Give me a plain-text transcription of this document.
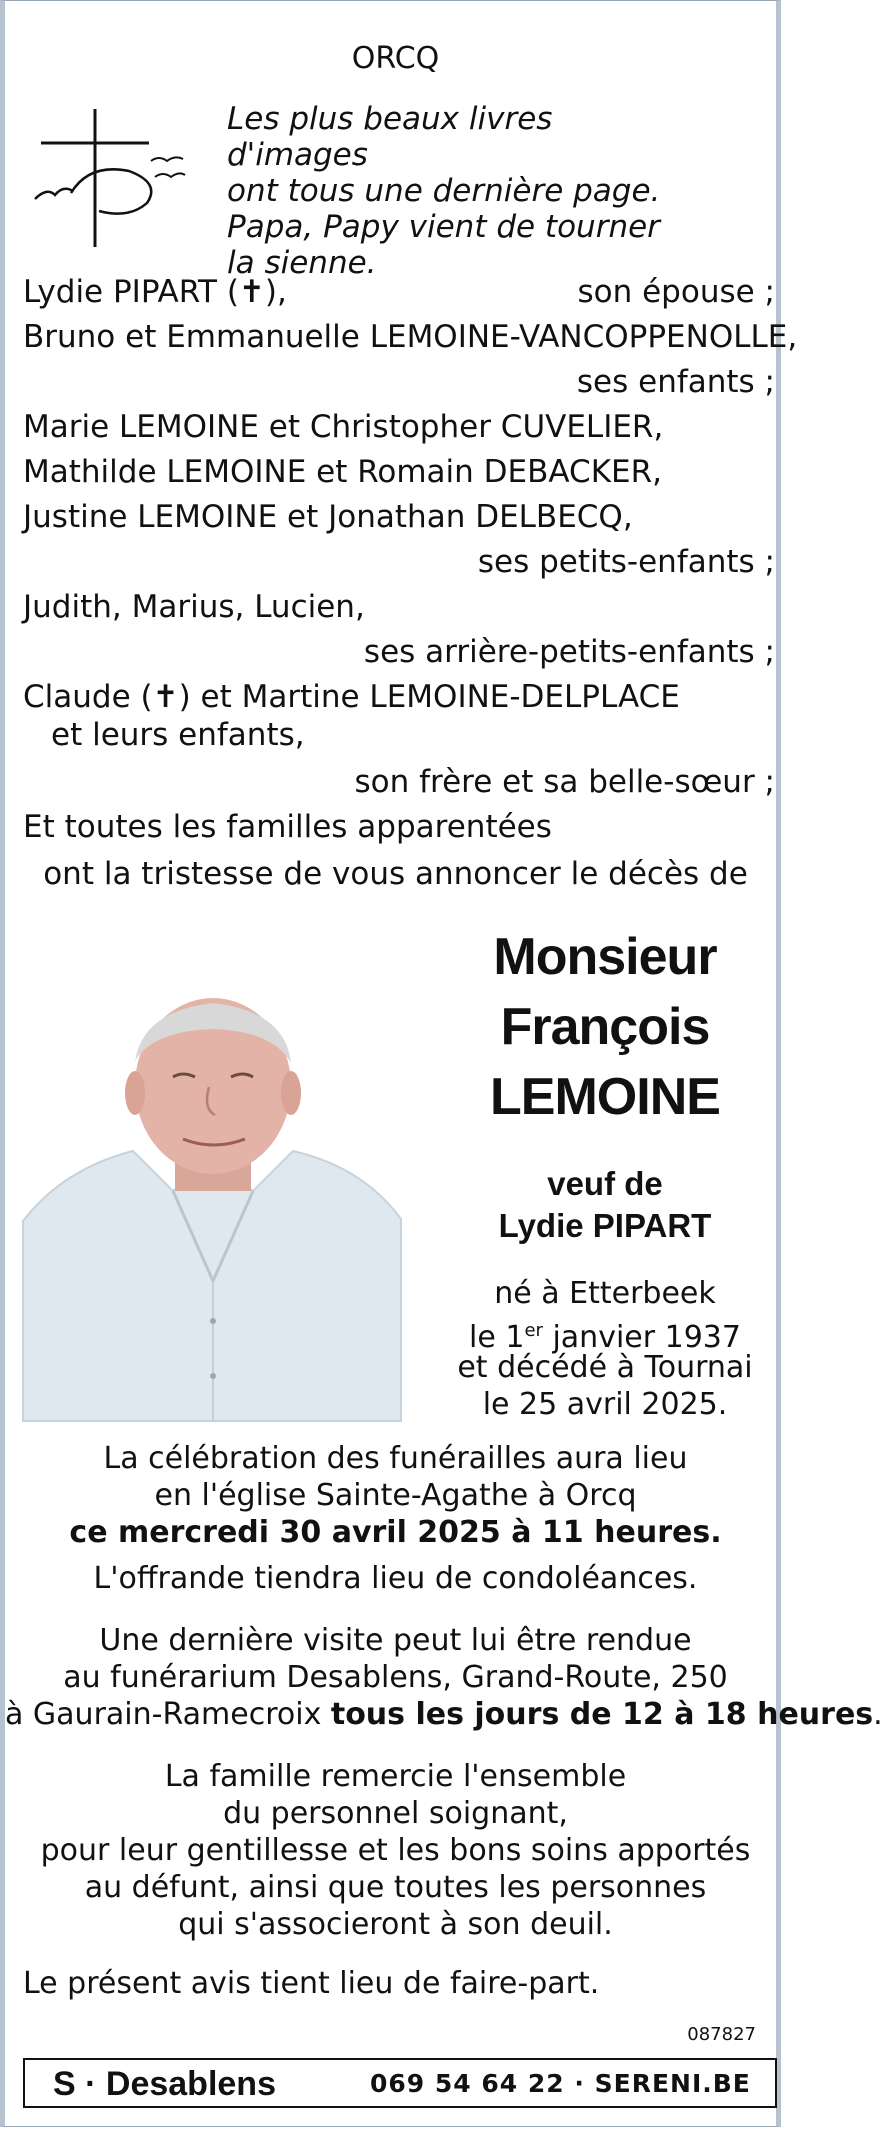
ORCQ
Les plus beaux livres d'images
ont tous une dernière page.
Papa, Papy vient de tourner
la sienne.
Lydie PIPART (✝),	son épouse ;
Bruno et Emmanuelle LEMOINE-VANCOPPENOLLE,
ses enfants ;
Marie LEMOINE et Christopher CUVELIER,
Mathilde LEMOINE et Romain DEBACKER,
Justine LEMOINE et Jonathan DELBECQ,
ses petits-enfants ;
Judith, Marius, Lucien,
ses arrière-petits-enfants ;
Claude (✝) et Martine LEMOINE-DELPLACE
et leurs enfants,
son frère et sa belle-sœur ;
Et toutes les familles apparentées
ont la tristesse de vous annoncer le décès de
Monsieur
François
LEMOINE
veuf de
Lydie PIPART
né à Etterbeek
le 1er janvier 1937
et décédé à Tournai
le 25 avril 2025.
La célébration des funérailles aura lieu
en l'église Sainte-Agathe à Orcq
ce mercredi 30 avril 2025 à 11 heures.
L'offrande tiendra lieu de condoléances.
Une dernière visite peut lui être rendue
au funérarium Desablens, Grand-Route, 250
à Gaurain-Ramecroix tous les jours de 12 à 18 heures.
La famille remercie l'ensemble
du personnel soignant,
pour leur gentillesse et les bons soins apportés
au défunt, ainsi que toutes les personnes
qui s'associeront à son deuil.
Le présent avis tient lieu de faire-part.
087827
S · Desablens	069 54 64 22 · SERENI.BE
